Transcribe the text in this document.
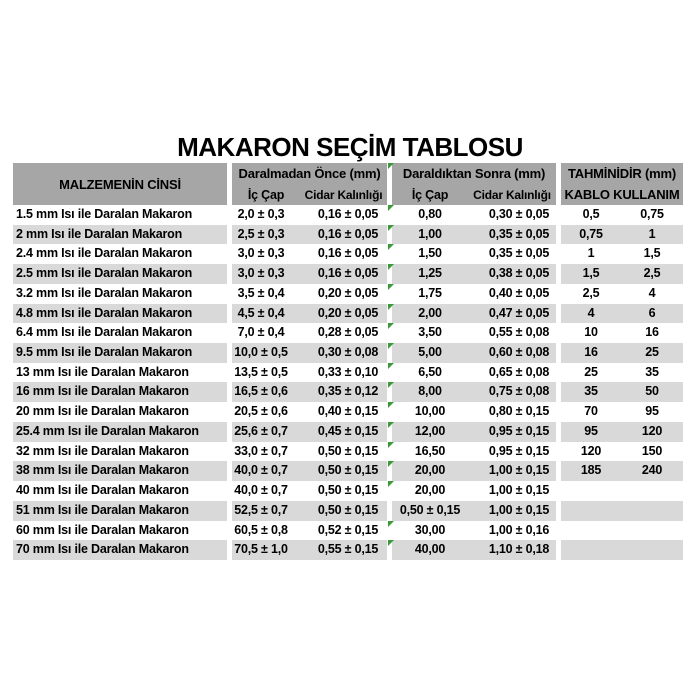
MAKARON SEÇİM TABLOSU
MALZEMENİN CİNSİ
Daralmadan Önce (mm)	Daraldıktan Sonra (mm)	TAHMİNİDİR (mm)
İç Çap	Cidar Kalınlığı	İç Çap	Cidar Kalınlığı	KABLO KULLANIM
1.5 mm Isı ile Daralan Makaron	2,0 ± 0,3	0,16 ± 0,05	0,80	0,30 ± 0,05	0,5	0,75
2 mm Isı ile Daralan Makaron	2,5 ± 0,3	0,16 ± 0,05	1,00	0,35 ± 0,05	0,75	1
2.4 mm Isı ile Daralan Makaron	3,0 ± 0,3	0,16 ± 0,05	1,50	0,35 ± 0,05	1	1,5
2.5 mm Isı ile Daralan Makaron	3,0 ± 0,3	0,16 ± 0,05	1,25	0,38 ± 0,05	1,5	2,5
3.2 mm Isı ile Daralan Makaron	3,5 ± 0,4	0,20 ± 0,05	1,75	0,40 ± 0,05	2,5	4
4.8 mm Isı ile Daralan Makaron	4,5 ± 0,4	0,20 ± 0,05	2,00	0,47 ± 0,05	4	6
6.4 mm Isı ile Daralan Makaron	7,0 ± 0,4	0,28 ± 0,05	3,50	0,55 ± 0,08	10	16
9.5 mm Isı ile Daralan Makaron	10,0 ± 0,5	0,30 ± 0,08	5,00	0,60 ± 0,08	16	25
13 mm Isı ile Daralan Makaron	13,5 ± 0,5	0,33 ± 0,10	6,50	0,65 ± 0,08	25	35
16 mm Isı ile Daralan Makaron	16,5 ± 0,6	0,35 ± 0,12	8,00	0,75 ± 0,08	35	50
20 mm Isı ile Daralan Makaron	20,5 ± 0,6	0,40 ± 0,15	10,00	0,80 ± 0,15	70	95
25.4 mm Isı ile Daralan Makaron	25,6 ± 0,7	0,45 ± 0,15	12,00	0,95 ± 0,15	95	120
32 mm Isı ile Daralan Makaron	33,0 ± 0,7	0,50 ± 0,15	16,50	0,95 ± 0,15	120	150
38 mm Isı ile Daralan Makaron	40,0 ± 0,7	0,50 ± 0,15	20,00	1,00 ± 0,15	185	240
40 mm Isı ile Daralan Makaron	40,0 ± 0,7	0,50 ± 0,15	20,00	1,00 ± 0,15
51 mm Isı ile Daralan Makaron	52,5 ± 0,7	0,50 ± 0,15	0,50 ± 0,15	1,00 ± 0,15
60 mm Isı ile Daralan Makaron	60,5 ± 0,8	0,52 ± 0,15	30,00	1,00 ± 0,16
70 mm Isı ile Daralan Makaron	70,5 ± 1,0	0,55 ± 0,15	40,00	1,10 ± 0,18
